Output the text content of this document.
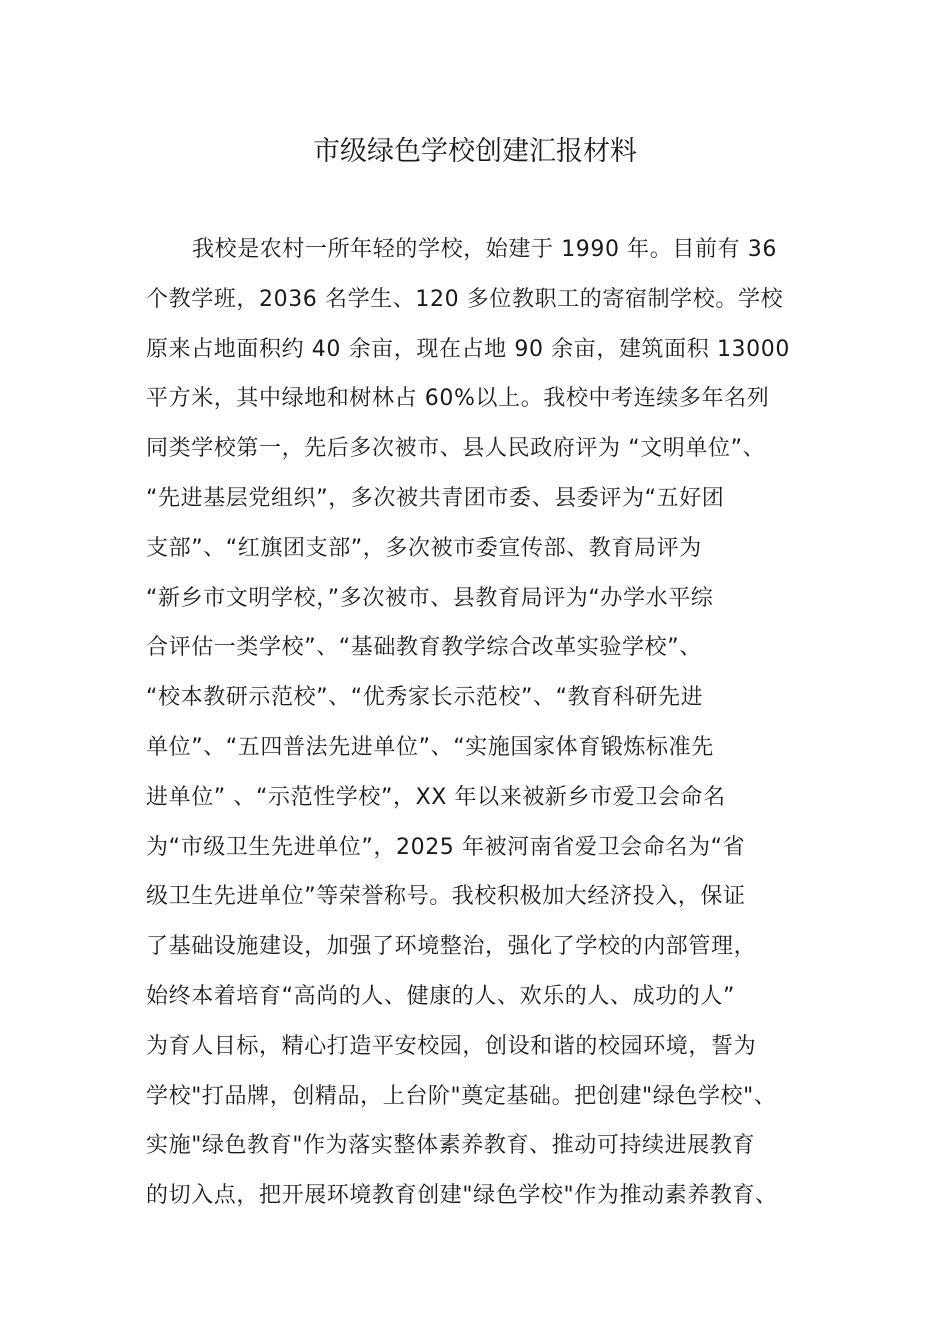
市级绿色学校创建汇报材料
我校是农村一所年轻的学校，始建于 1990 年。目前有 36
个教学班，2036 名学生、120 多位教职工的寄宿制学校。学校
原来占地面积约 40 余亩，现在占地 90 余亩，建筑面积 13000
平方米，其中绿地和树林占 60%以上。我校中考连续多年名列
同类学校第一，先后多次被市、县人民政府评为 “文明单位”、
“先进基层党组织”，多次被共青团市委、县委评为“五好团
支部”、“红旗团支部”，多次被市委宣传部、教育局评为
“新乡市文明学校，”多次被市、县教育局评为“办学水平综
合评估一类学校”、“基础教育教学综合改革实验学校”、
“校本教研示范校”、“优秀家长示范校”、“教育科研先进
单位”、“五四普法先进单位”、“实施国家体育锻炼标准先
进单位” 、“示范性学校”，XX 年以来被新乡市爱卫会命名
为“市级卫生先进单位”，2025 年被河南省爱卫会命名为“省
级卫生先进单位”等荣誉称号。我校积极加大经济投入，保证
了基础设施建设，加强了环境整治，强化了学校的内部管理，
始终本着培育“高尚的人、健康的人、欢乐的人、成功的人”
为育人目标，精心打造平安校园，创设和谐的校园环境，誓为
学校"打品牌，创精品，上台阶"奠定基础。把创建"绿色学校"、
实施"绿色教育"作为落实整体素养教育、推动可持续进展教育
的切入点，把开展环境教育创建"绿色学校"作为推动素养教育、
